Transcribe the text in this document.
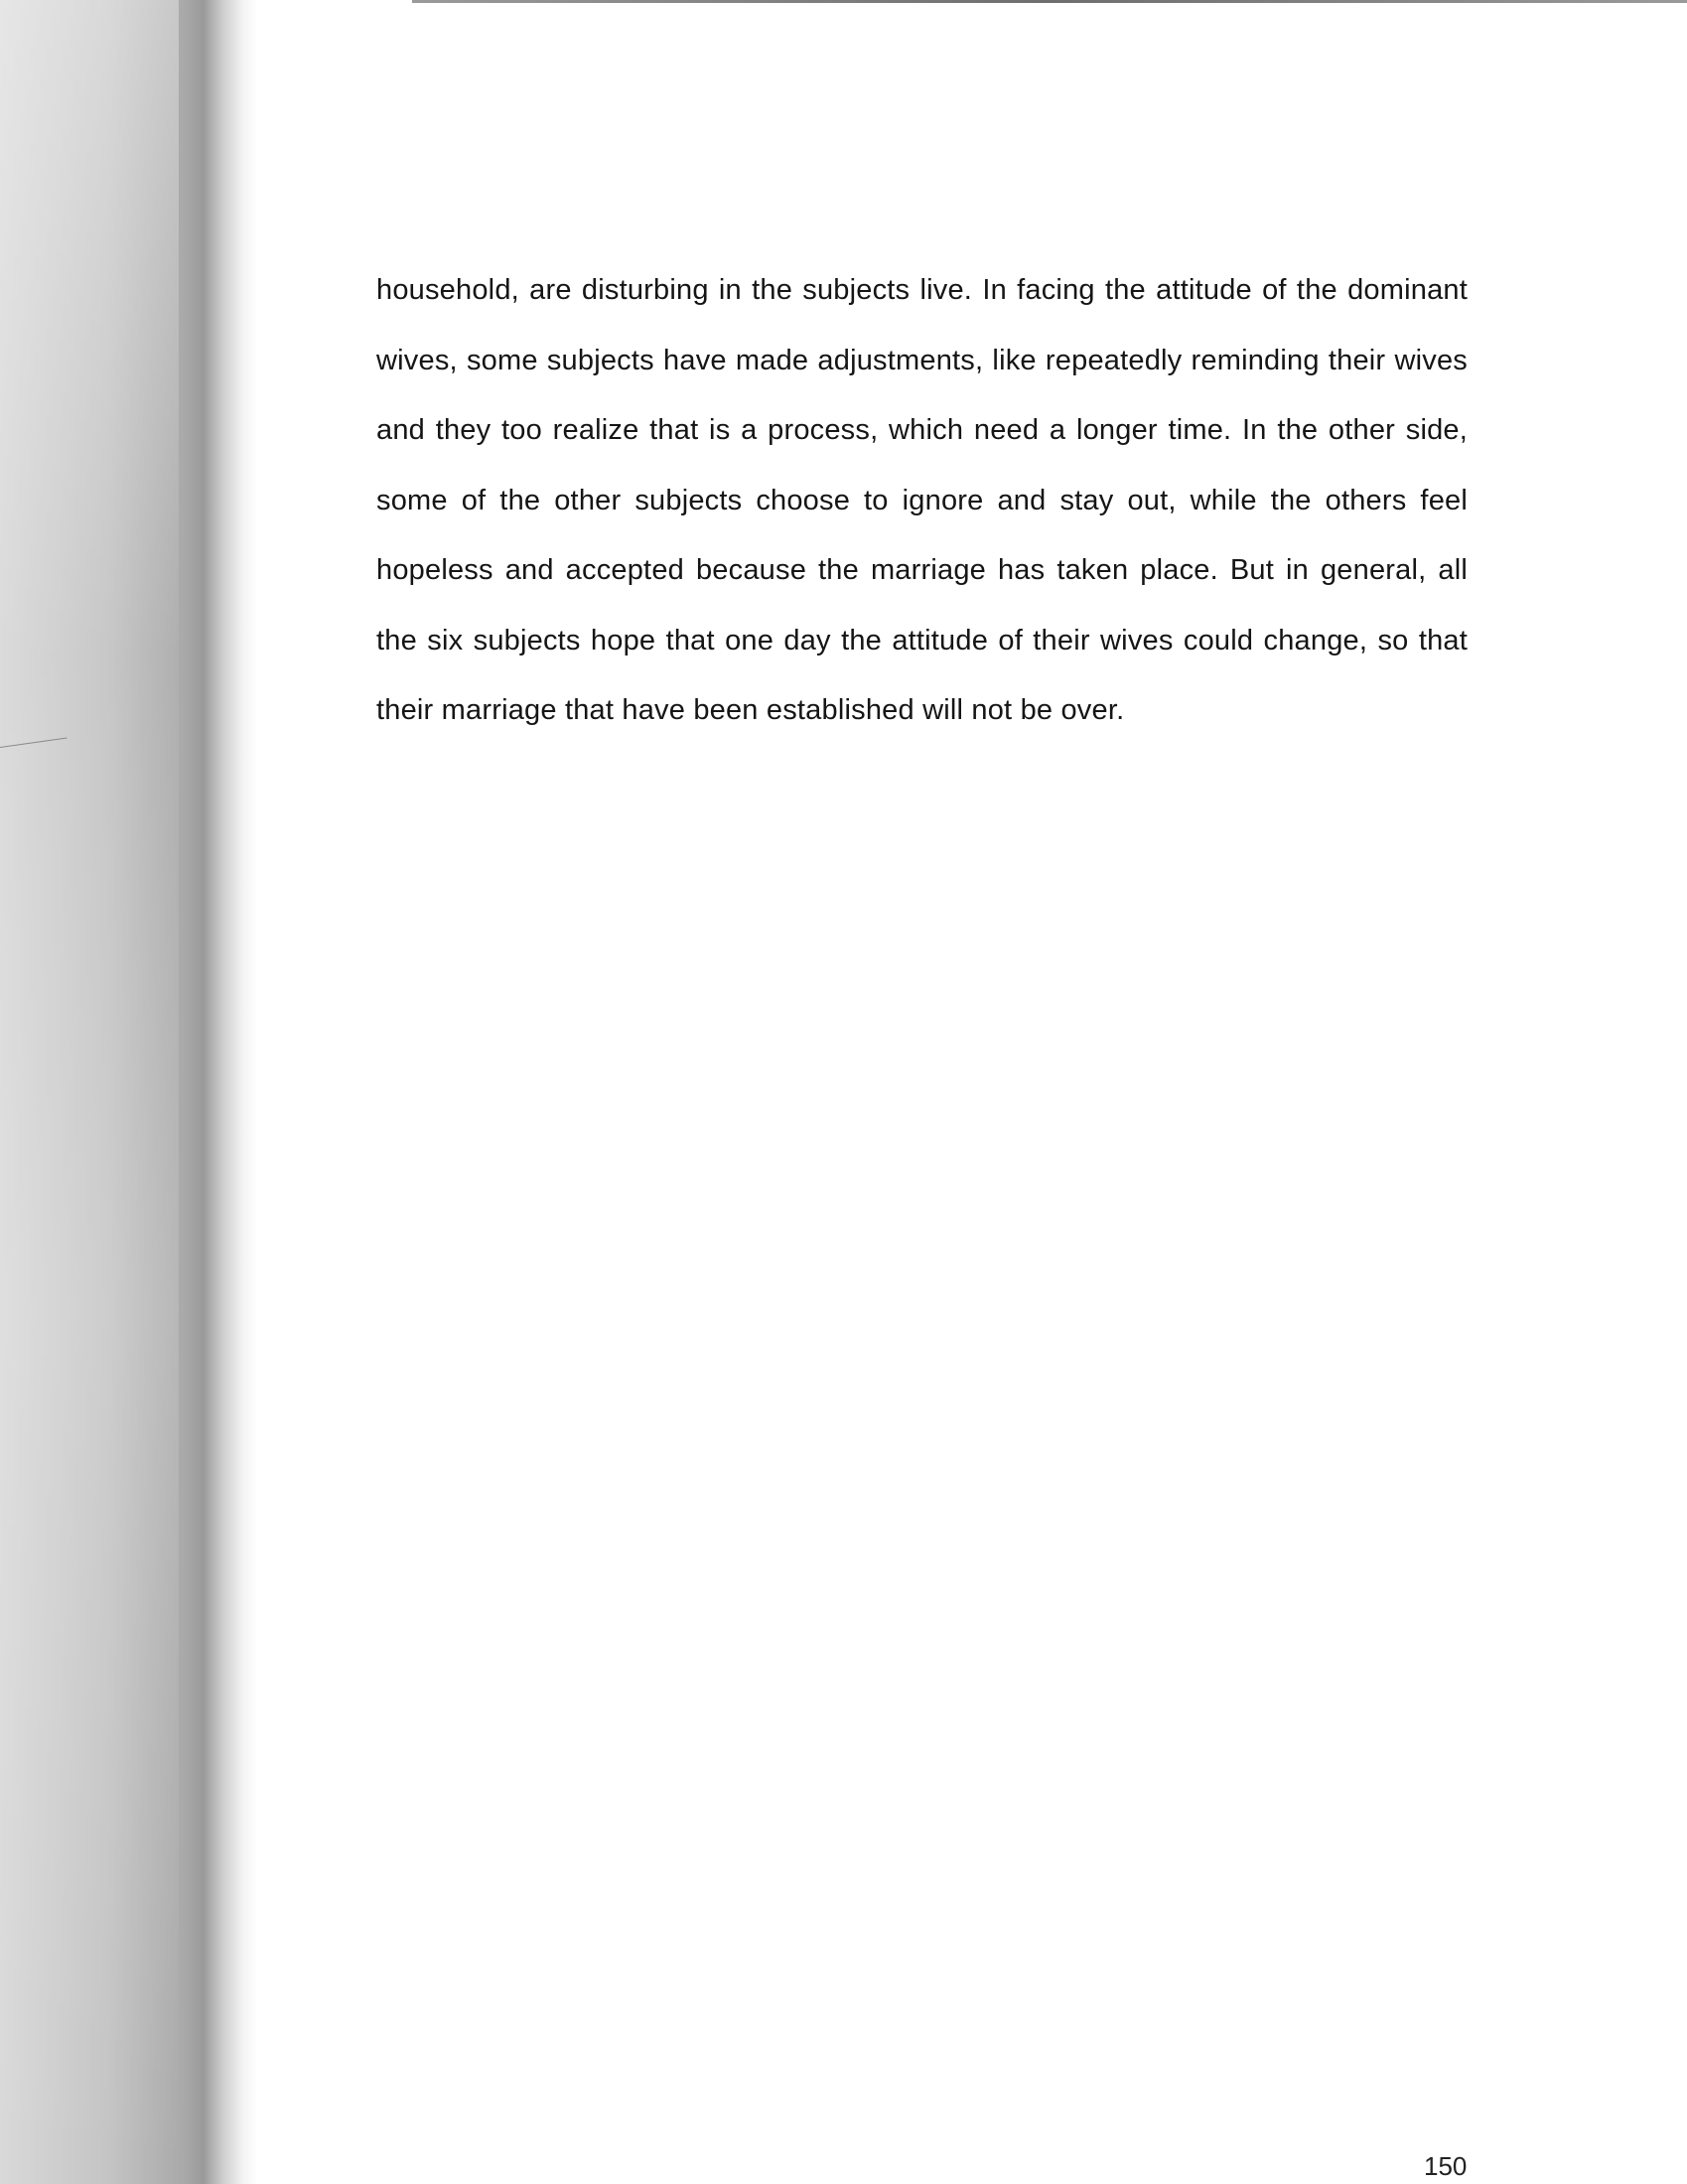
household, are disturbing in the subjects live. In facing the attitude of the dominant wives, some subjects have made adjustments, like repeatedly reminding their wives and they too realize that is a process, which need a longer time. In the other side, some of the other subjects choose to ignore and stay out, while the others feel hopeless and accepted because the marriage has taken place. But in general, all the six subjects hope that one day the attitude of their wives could change, so that their marriage that have been established will not be over.

150
